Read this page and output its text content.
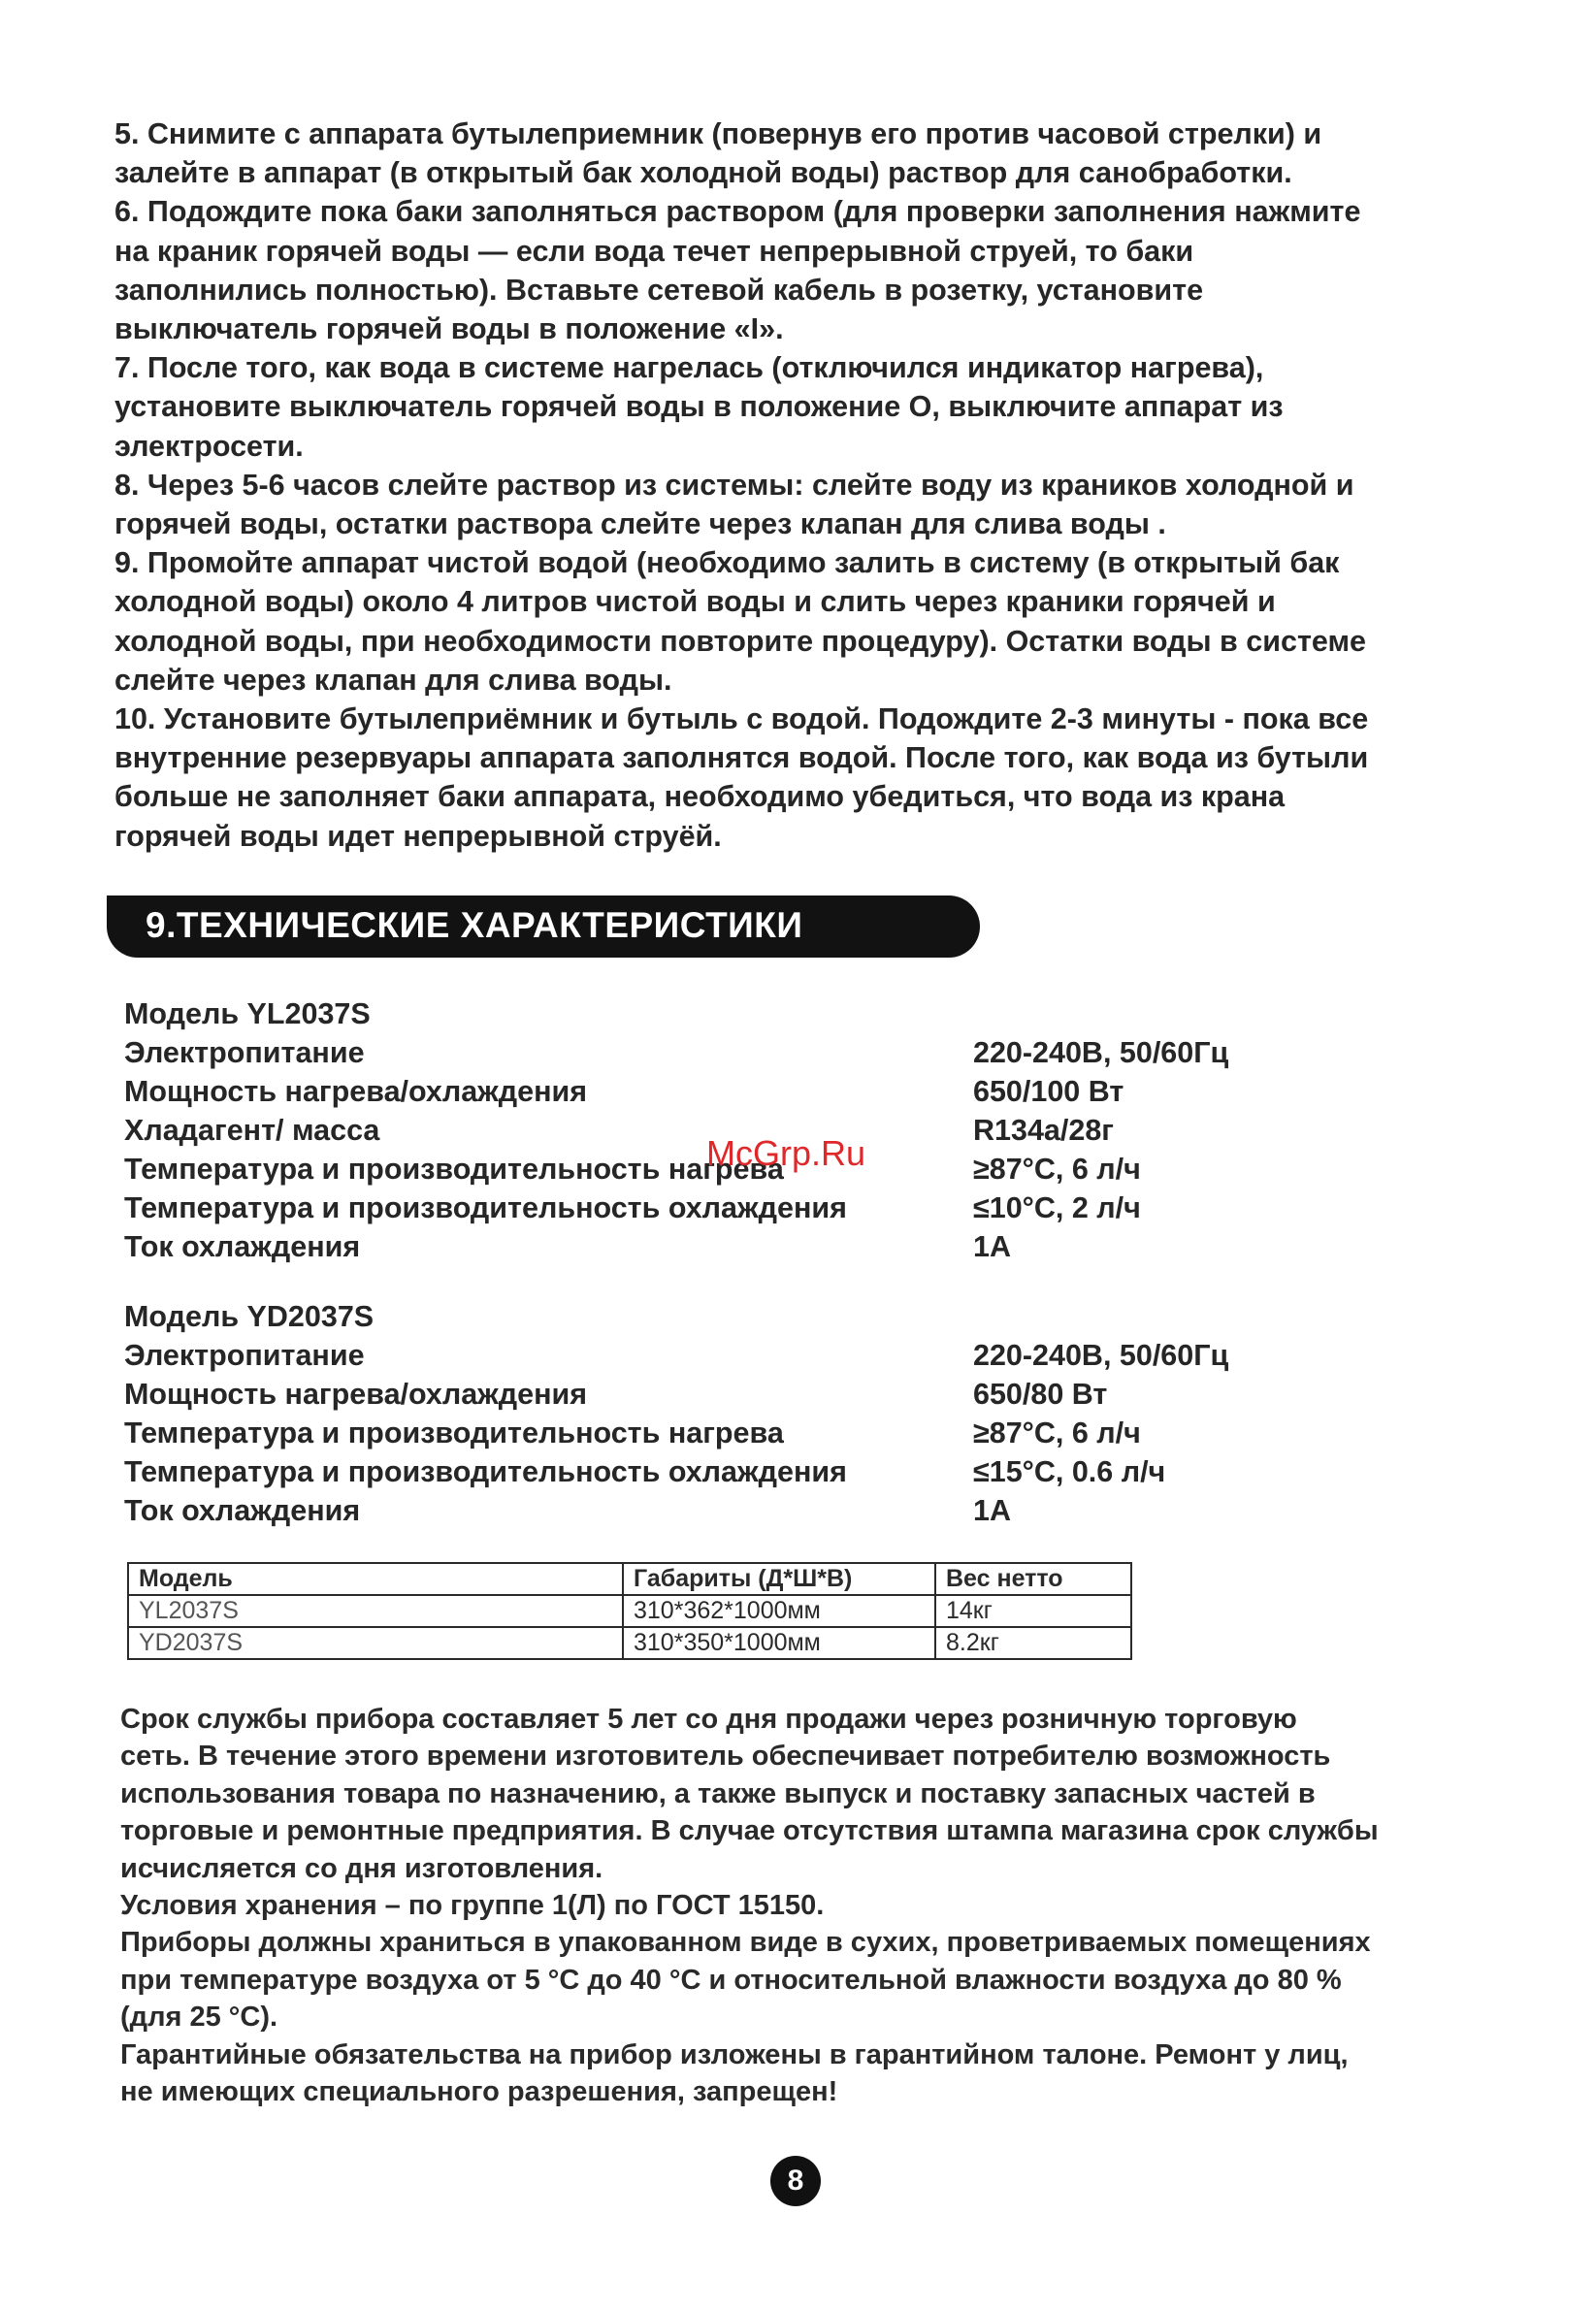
5. Снимите с аппарата бутылеприемник (повернув его против часовой стрелки) и
залейте в аппарат (в открытый бак холодной воды) раствор для санобработки.

6. Подождите пока баки заполняться раствором (для проверки заполнения нажмите
на краник горячей воды — если вода течет непрерывной струей, то баки
заполнились полностью). Вставьте сетевой кабель в розетку, установите
выключатель горячей воды в положение «I».

7. После того, как вода в системе нагрелась (отключился индикатор нагрева),
установите выключатель горячей воды в положение О, выключите аппарат из
электросети.

8. Через 5-6 часов слейте раствор из системы: слейте воду из краников холодной и
горячей воды, остатки раствора слейте через клапан для слива воды .

9. Промойте аппарат чистой водой (необходимо залить в систему (в открытый бак
холодной воды) около 4 литров чистой воды и слить через краники горячей и
холодной воды, при необходимости повторите процедуру). Остатки воды в системе
слейте через клапан для слива воды.

10. Установите бутылеприёмник и бутыль с водой. Подождите 2-3 минуты - пока все
внутренние резервуары аппарата заполнятся водой. После того, как вода из бутыли
больше не заполняет баки аппарата, необходимо убедиться, что вода из крана
горячей воды идет непрерывной струёй.

9.ТЕХНИЧЕСКИЕ ХАРАКТЕРИСТИКИ
Модель YL2037S
Электропитание	220-240В, 50/60Гц
Мощность нагрева/охлаждения	650/100 Вт
Хладагент/ масса	R134a/28г
Температура и производительность нагрева	≥87°С, 6 л/ч
Температура и производительность охлаждения	≤10°С, 2 л/ч
Ток охлаждения	1А
Модель YD2037S
Электропитание	220-240В, 50/60Гц
Мощность нагрева/охлаждения	650/80 Вт
Температура и производительность нагрева	≥87°С, 6 л/ч
Температура и производительность охлаждения	≤15°С, 0.6 л/ч
Ток охлаждения	1А
Модель	Габариты (Д*Ш*В)	Вес нетто
YL2037S	310*362*1000мм	14кг
YD2037S	310*350*1000мм	8.2кг

Срок службы прибора составляет 5 лет со дня продажи через розничную торговую
сеть. В течение этого времени изготовитель обеспечивает потребителю возможность
использования товара по назначению, а также выпуск и поставку запасных частей в
торговые и ремонтные предприятия. В случае отсутствия штампа магазина срок службы
исчисляется со дня изготовления.

Условия хранения – по группе 1(Л) по ГОСТ 15150.

Приборы должны храниться в упакованном виде в сухих, проветриваемых помещениях
при температуре воздуха от 5 °С до 40 °С и относительной влажности воздуха до 80 %
(для 25 °С).

Гарантийные обязательства на прибор изложены в гарантийном талоне. Ремонт у лиц,
не имеющих специального разрешения, запрещен!

McGrp.Ru
8
